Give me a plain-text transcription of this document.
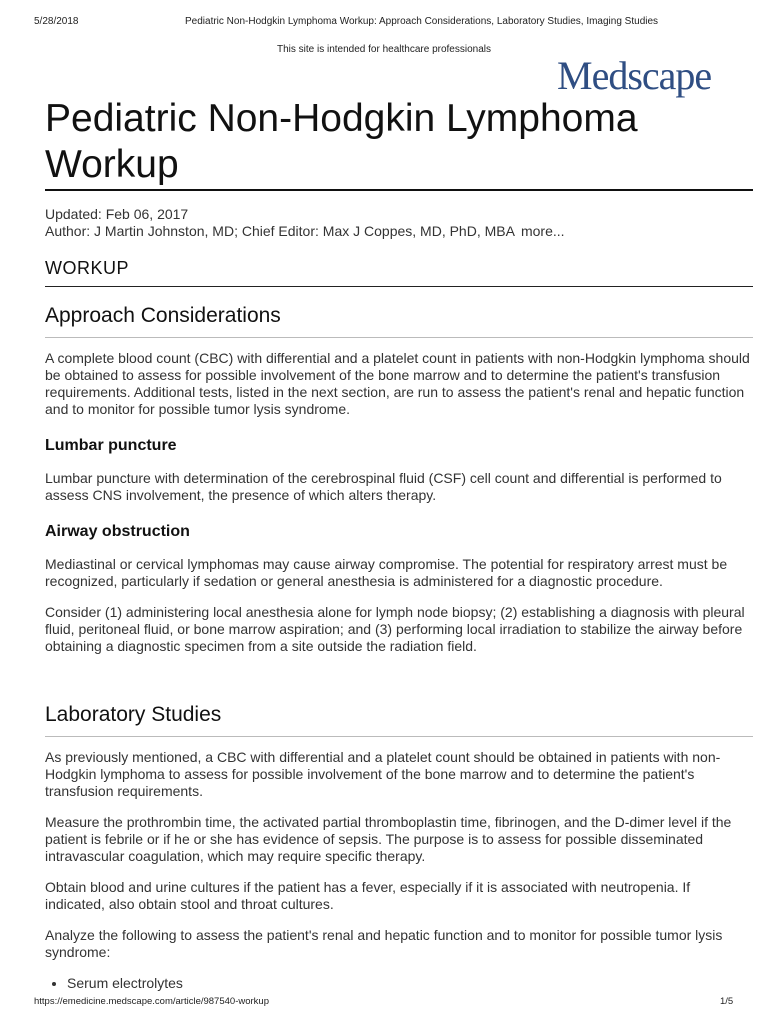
5/28/2018	Pediatric Non-Hodgkin Lymphoma Workup: Approach Considerations, Laboratory Studies, Imaging Studies
This site is intended for healthcare professionals
Medscape
Pediatric Non-Hodgkin Lymphoma Workup
Updated: Feb 06, 2017
Author: J Martin Johnston, MD; Chief Editor: Max J Coppes, MD, PhD, MBA more...
WORKUP
Approach Considerations

A complete blood count (CBC) with differential and a platelet count in patients with non-Hodgkin lymphoma should be obtained to assess for possible involvement of the bone marrow and to determine the patient's transfusion requirements. Additional tests, listed in the next section, are run to assess the patient's renal and hepatic function and to monitor for possible tumor lysis syndrome.

Lumbar puncture

Lumbar puncture with determination of the cerebrospinal fluid (CSF) cell count and differential is performed to assess CNS involvement, the presence of which alters therapy.

Airway obstruction

Mediastinal or cervical lymphomas may cause airway compromise. The potential for respiratory arrest must be recognized, particularly if sedation or general anesthesia is administered for a diagnostic procedure.

Consider (1) administering local anesthesia alone for lymph node biopsy; (2) establishing a diagnosis with pleural fluid, peritoneal fluid, or bone marrow aspiration; and (3) performing local irradiation to stabilize the airway before obtaining a diagnostic specimen from a site outside the radiation field.

Laboratory Studies

As previously mentioned, a CBC with differential and a platelet count should be obtained in patients with non-Hodgkin lymphoma to assess for possible involvement of the bone marrow and to determine the patient's transfusion requirements.

Measure the prothrombin time, the activated partial thromboplastin time, fibrinogen, and the D-dimer level if the patient is febrile or if he or she has evidence of sepsis. The purpose is to assess for possible disseminated intravascular coagulation, which may require specific therapy.

Obtain blood and urine cultures if the patient has a fever, especially if it is associated with neutropenia. If indicated, also obtain stool and throat cultures.

Analyze the following to assess the patient's renal and hepatic function and to monitor for possible tumor lysis syndrome:

• Serum electrolytes
https://emedicine.medscape.com/article/987540-workup	1/5
